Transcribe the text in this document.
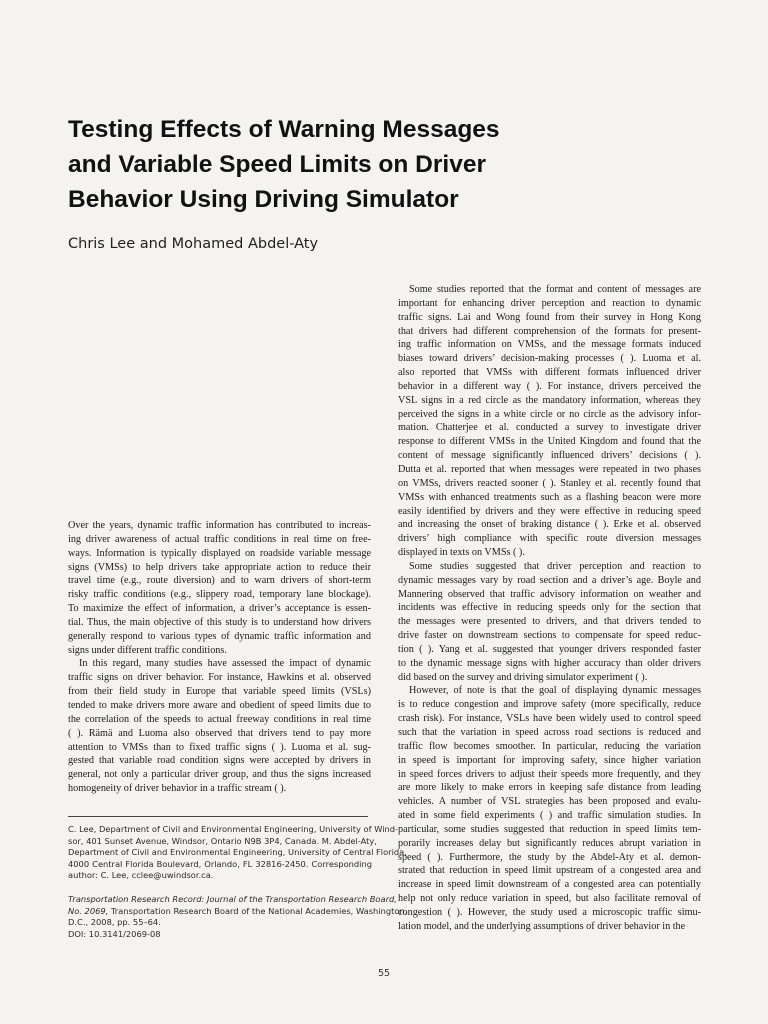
Testing Effects of Warning Messages
and Variable Speed Limits on Driver
Behavior Using Driving Simulator
Chris Lee and Mohamed Abdel-Aty
Over the years, dynamic traffic information has contributed to increas-
ing driver awareness of actual traffic conditions in real time on free-
ways. Information is typically displayed on roadside variable message
signs (VMSs) to help drivers take appropriate action to reduce their
travel time (e.g., route diversion) and to warn drivers of short-term
risky traffic conditions (e.g., slippery road, temporary lane blockage).
To maximize the effect of information, a driver’s acceptance is essen-
tial. Thus, the main objective of this study is to understand how drivers
generally respond to various types of dynamic traffic information and
signs under different traffic conditions.
In this regard, many studies have assessed the impact of dynamic
traffic signs on driver behavior. For instance, Hawkins et al. observed
from their field study in Europe that variable speed limits (VSLs)
tended to make drivers more aware and obedient of speed limits due to
the correlation of the speeds to actual freeway conditions in real time
( ). Rämä and Luoma also observed that drivers tend to pay more
attention to VMSs than to fixed traffic signs ( ). Luoma et al. sug-
gested that variable road condition signs were accepted by drivers in
general, not only a particular driver group, and thus the signs increased
homogeneity of driver behavior in a traffic stream ( ).
C. Lee, Department of Civil and Environmental Engineering, University of Wind-
sor, 401 Sunset Avenue, Windsor, Ontario N9B 3P4, Canada. M. Abdel-Aty,
Department of Civil and Environmental Engineering, University of Central Florida,
4000 Central Florida Boulevard, Orlando, FL 32816-2450. Corresponding
author: C. Lee, cclee@uwindsor.ca.
Transportation Research Record: Journal of the Transportation Research Board,
No. 2069, Transportation Research Board of the National Academies, Washington,
D.C., 2008, pp. 55–64.
DOI: 10.3141/2069-08
Some studies reported that the format and content of messages are
important for enhancing driver perception and reaction to dynamic
traffic signs. Lai and Wong found from their survey in Hong Kong
that drivers had different comprehension of the formats for present-
ing traffic information on VMSs, and the message formats induced
biases toward drivers’ decision-making processes ( ). Luoma et al.
also reported that VMSs with different formats influenced driver
behavior in a different way ( ). For instance, drivers perceived the
VSL signs in a red circle as the mandatory information, whereas they
perceived the signs in a white circle or no circle as the advisory infor-
mation. Chatterjee et al. conducted a survey to investigate driver
response to different VMSs in the United Kingdom and found that the
content of message significantly influenced drivers’ decisions ( ).
Dutta et al. reported that when messages were repeated in two phases
on VMSs, drivers reacted sooner ( ). Stanley et al. recently found that
VMSs with enhanced treatments such as a flashing beacon were more
easily identified by drivers and they were effective in reducing speed
and increasing the onset of braking distance ( ). Erke et al. observed
drivers’ high compliance with specific route diversion messages
displayed in texts on VMSs ( ).
Some studies suggested that driver perception and reaction to
dynamic messages vary by road section and a driver’s age. Boyle and
Mannering observed that traffic advisory information on weather and
incidents was effective in reducing speeds only for the section that
the messages were presented to drivers, and that drivers tended to
drive faster on downstream sections to compensate for speed reduc-
tion ( ). Yang et al. suggested that younger drivers responded faster
to the dynamic message signs with higher accuracy than older drivers
did based on the survey and driving simulator experiment ( ).
However, of note is that the goal of displaying dynamic messages
is to reduce congestion and improve safety (more specifically, reduce
crash risk). For instance, VSLs have been widely used to control speed
such that the variation in speed across road sections is reduced and
traffic flow becomes smoother. In particular, reducing the variation
in speed is important for improving safety, since higher variation
in speed forces drivers to adjust their speeds more frequently, and they
are more likely to make errors in keeping safe distance from leading
vehicles. A number of VSL strategies has been proposed and evalu-
ated in some field experiments ( ) and traffic simulation studies. In
particular, some studies suggested that reduction in speed limits tem-
porarily increases delay but significantly reduces abrupt variation in
speed ( ). Furthermore, the study by the Abdel-Aty et al. demon-
strated that reduction in speed limit upstream of a congested area and
increase in speed limit downstream of a congested area can potentially
help not only reduce variation in speed, but also facilitate removal of
congestion ( ). However, the study used a microscopic traffic simu-
lation model, and the underlying assumptions of driver behavior in the
55
